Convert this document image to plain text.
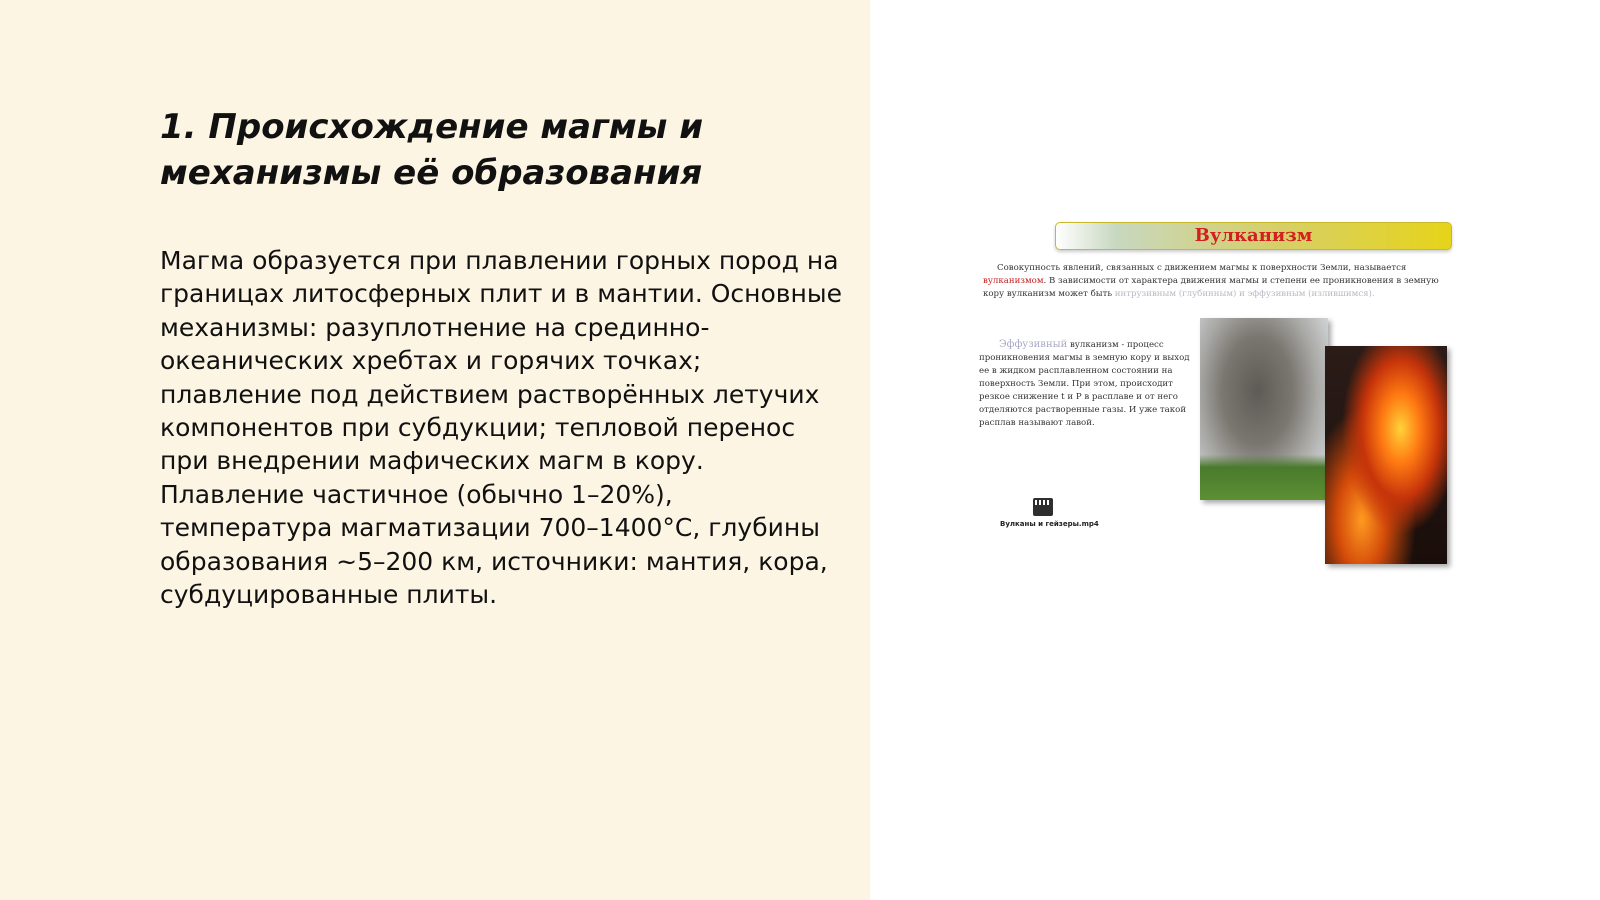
1. Происхождение магмы и
механизмы её образования

Магма образуется при плавлении горных пород на границах литосферных плит и в мантии. Основные механизмы: разуплотнение на срединно-океанических хребтах и горячих точках; плавление под действием растворённых летучих компонентов при субдукции; тепловой перенос при внедрении мафических магм в кору. Плавление частичное (обычно 1–20%), температура магматизации 700–1400°C, глубины образования ~5–200 км, источники: мантия, кора, субдуцированные плиты.

Вулканизм

Совокупность явлений, связанных с движением магмы к поверхности Земли, называется вулканизмом. В зависимости от характера движения магмы и степени ее проникновения в земную кору вулканизм может быть интрузивным (глубинным) и эффузивным (излившимся).

Эффузивный вулканизм - процесс проникновения магмы в земную кору и выход ее в жидком расплавленном состоянии на поверхность Земли. При этом, происходит резкое снижение t и P в расплаве и от него отделяются растворенные газы. И уже такой расплав называют лавой.

Вулканы и гейзеры.mp4
